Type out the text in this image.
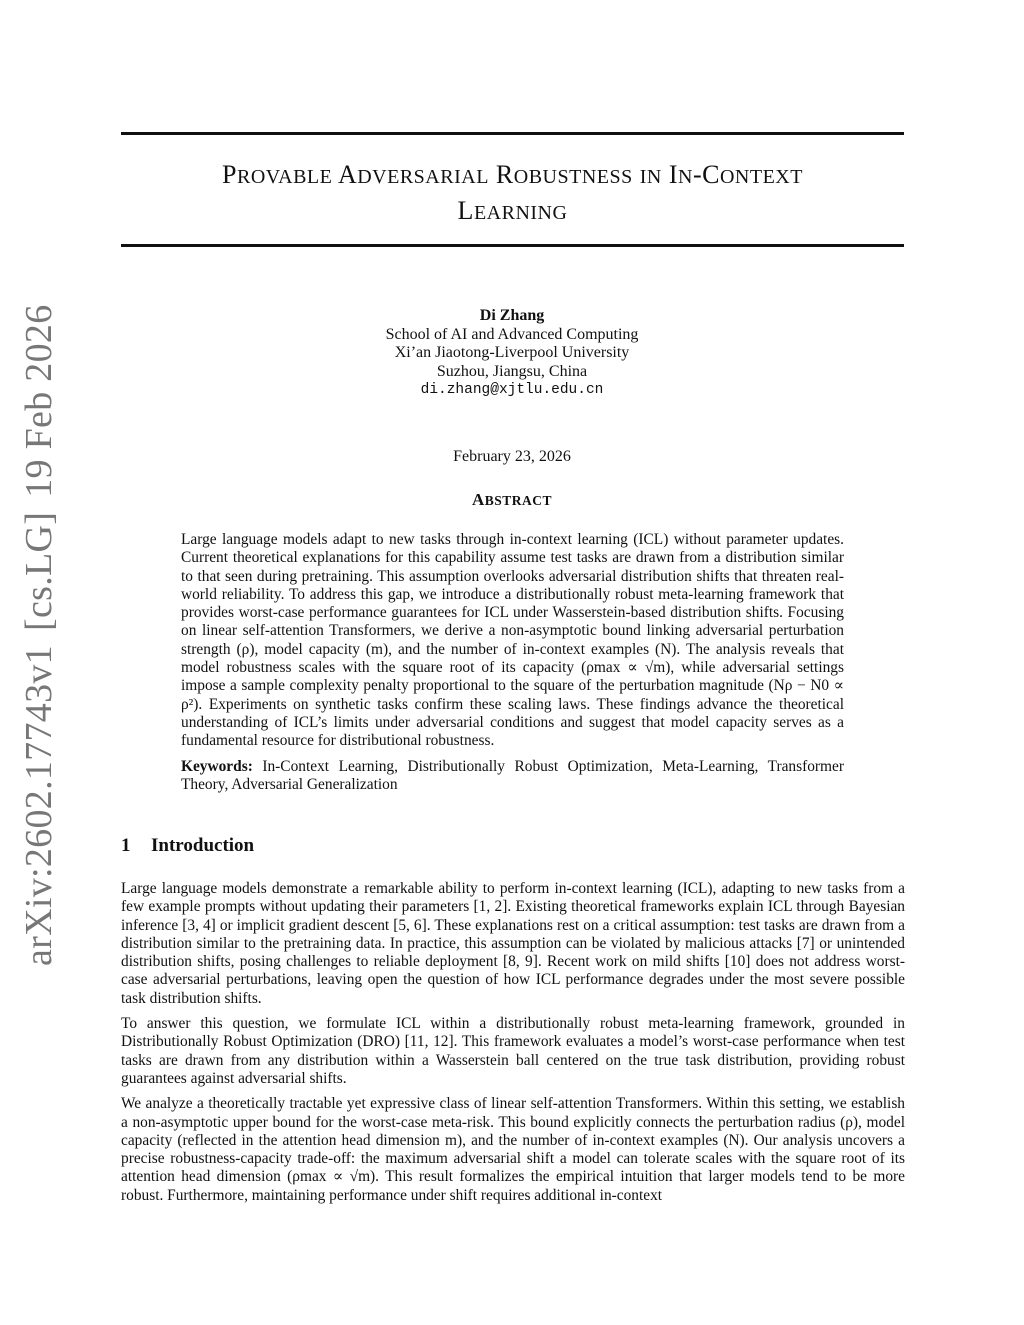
PROVABLE ADVERSARIAL ROBUSTNESS IN IN-CONTEXT
LEARNING
Di Zhang
School of AI and Advanced Computing
Xi’an Jiaotong-Liverpool University
Suzhou, Jiangsu, China
di.zhang@xjtlu.edu.cn
February 23, 2026
ABSTRACT

Large language models adapt to new tasks through in-context learning (ICL) without parameter updates. Current theoretical explanations for this capability assume test tasks are drawn from a distribution similar to that seen during pretraining. This assumption overlooks adversarial distribution shifts that threaten real-world reliability. To address this gap, we introduce a distributionally robust meta-learning framework that provides worst-case performance guarantees for ICL under Wasserstein-based distribution shifts. Focusing on linear self-attention Transformers, we derive a non-asymptotic bound linking adversarial perturbation strength (ρ), model capacity (m), and the number of in-context examples (N). The analysis reveals that model robustness scales with the square root of its capacity (ρmax ∝ √m), while adversarial settings impose a sample complexity penalty proportional to the square of the perturbation magnitude (Nρ − N0 ∝ ρ²). Experiments on synthetic tasks confirm these scaling laws. These findings advance the theoretical understanding of ICL’s limits under adversarial conditions and suggest that model capacity serves as a fundamental resource for distributional robustness.

Keywords: In-Context Learning, Distributionally Robust Optimization, Meta-Learning, Transformer Theory, Adversarial Generalization

1 Introduction

Large language models demonstrate a remarkable ability to perform in-context learning (ICL), adapting to new tasks from a few example prompts without updating their parameters [1, 2]. Existing theoretical frameworks explain ICL through Bayesian inference [3, 4] or implicit gradient descent [5, 6]. These explanations rest on a critical assumption: test tasks are drawn from a distribution similar to the pretraining data. In practice, this assumption can be violated by malicious attacks [7] or unintended distribution shifts, posing challenges to reliable deployment [8, 9]. Recent work on mild shifts [10] does not address worst-case adversarial perturbations, leaving open the question of how ICL performance degrades under the most severe possible task distribution shifts.

To answer this question, we formulate ICL within a distributionally robust meta-learning framework, grounded in Distributionally Robust Optimization (DRO) [11, 12]. This framework evaluates a model’s worst-case performance when test tasks are drawn from any distribution within a Wasserstein ball centered on the true task distribution, providing robust guarantees against adversarial shifts.

We analyze a theoretically tractable yet expressive class of linear self-attention Transformers. Within this setting, we establish a non-asymptotic upper bound for the worst-case meta-risk. This bound explicitly connects the perturbation radius (ρ), model capacity (reflected in the attention head dimension m), and the number of in-context examples (N). Our analysis uncovers a precise robustness-capacity trade-off: the maximum adversarial shift a model can tolerate scales with the square root of its attention head dimension (ρmax ∝ √m). This result formalizes the empirical intuition that larger models tend to be more robust. Furthermore, maintaining performance under shift requires additional in-context

arXiv:2602.17743v1[cs.LG]19 Feb 2026
